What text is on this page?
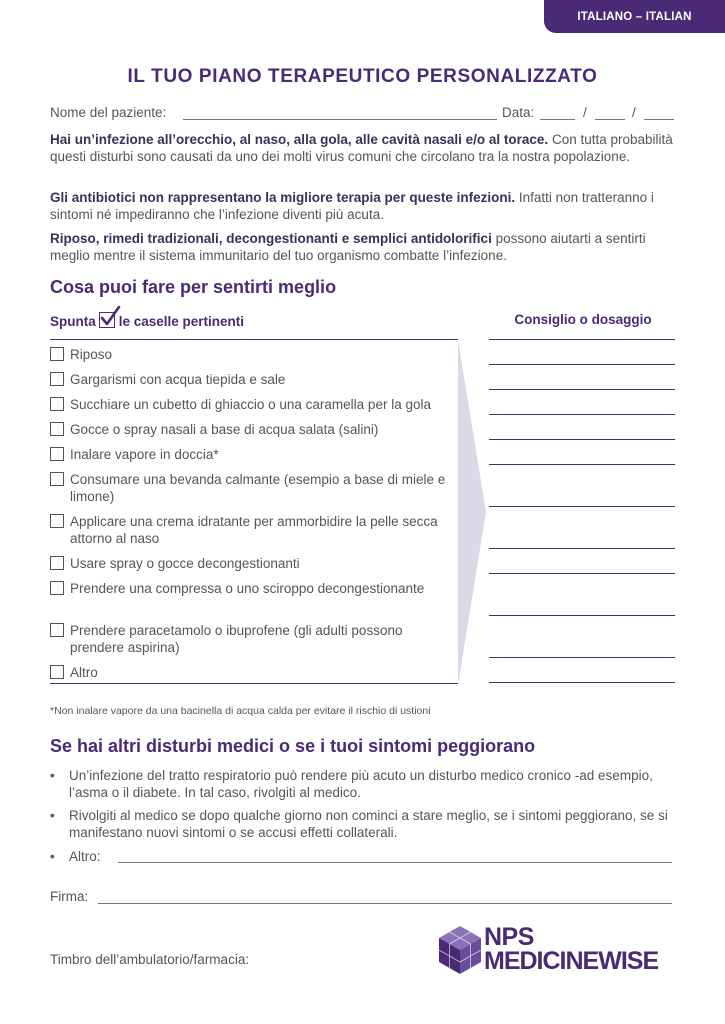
ITALIANO – ITALIAN
IL TUO PIANO TERAPEUTICO PERSONALIZZATO
Nome del paziente:	Data:	/	/
Hai un’infezione all’orecchio, al naso, alla gola, alle cavità nasali e/o al torace. Con tutta probabilità questi disturbi sono causati da uno dei molti virus comuni che circolano tra la nostra popolazione.
Gli antibiotici non rappresentano la migliore terapia per queste infezioni. Infatti non tratteranno i sintomi né impediranno che l’infezione diventi più acuta.
Riposo, rimedi tradizionali, decongestionanti e semplici antidolorifici possono aiutarti a sentirti meglio mentre il sistema immunitario del tuo organismo combatte l’infezione.
Cosa puoi fare per sentirti meglio
Spunta le caselle pertinenti	Consiglio o dosaggio
Riposo
Gargarismi con acqua tiepida e sale
Succhiare un cubetto di ghiaccio o una caramella per la gola
Gocce o spray nasali a base di acqua salata (salini)
Inalare vapore in doccia*
Consumare una bevanda calmante (esempio a base di miele e limone)
Applicare una crema idratante per ammorbidire la pelle secca attorno al naso
Usare spray o gocce decongestionanti
Prendere una compressa o uno sciroppo decongestionante
Prendere paracetamolo o ibuprofene (gli adulti possono prendere aspirina)
Altro
*Non inalare vapore da una bacinella di acqua calda per evitare il rischio di ustioni
Se hai altri disturbi medici o se i tuoi sintomi peggiorano
• Un’infezione del tratto respiratorio può rendere più acuto un disturbo medico cronico -ad esempio, l’asma o il diabete. In tal caso, rivolgiti al medico.
• Rivolgiti al medico se dopo qualche giorno non cominci a stare meglio, se i sintomi peggiorano, se si manifestano nuovi sintomi o se accusi effetti collaterali.
• Altro:
Firma:
Timbro dell’ambulatorio/farmacia:
NPS
MEDICINEWISE
